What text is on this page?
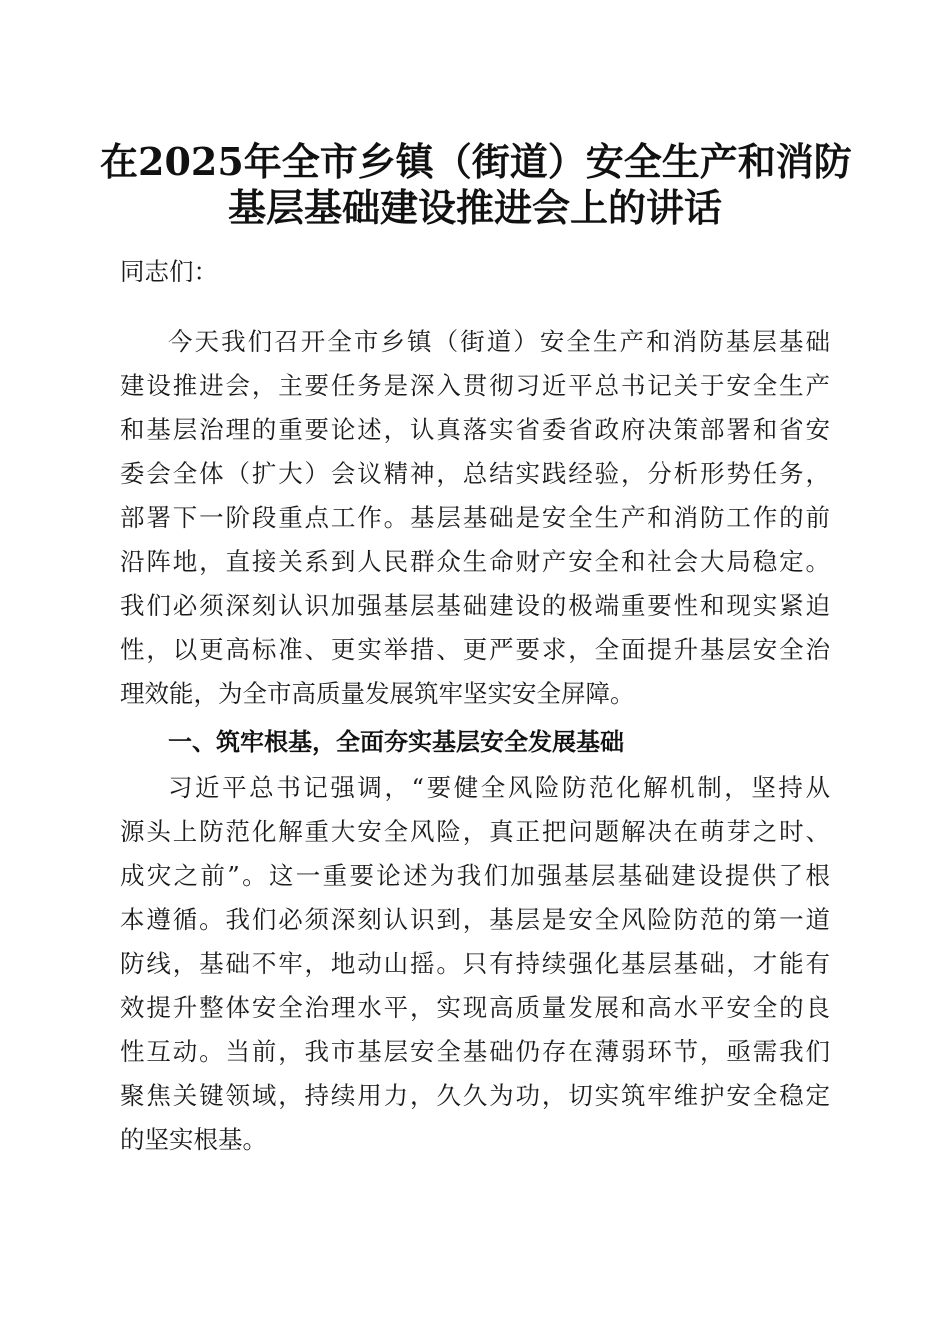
在2025年全市乡镇（街道）安全生产和消防
基层基础建设推进会上的讲话
同志们：
今天我们召开全市乡镇（街道）安全生产和消防基层基础
建设推进会，主要任务是深入贯彻习近平总书记关于安全生产
和基层治理的重要论述，认真落实省委省政府决策部署和省安
委会全体（扩大）会议精神，总结实践经验，分析形势任务，
部署下一阶段重点工作。基层基础是安全生产和消防工作的前
沿阵地，直接关系到人民群众生命财产安全和社会大局稳定。
我们必须深刻认识加强基层基础建设的极端重要性和现实紧迫
性，以更高标准、更实举措、更严要求，全面提升基层安全治
理效能，为全市高质量发展筑牢坚实安全屏障。
一、筑牢根基，全面夯实基层安全发展基础
习近平总书记强调，“要健全风险防范化解机制，坚持从
源头上防范化解重大安全风险，真正把问题解决在萌芽之时、
成灾之前”。这一重要论述为我们加强基层基础建设提供了根
本遵循。我们必须深刻认识到，基层是安全风险防范的第一道
防线，基础不牢，地动山摇。只有持续强化基层基础，才能有
效提升整体安全治理水平，实现高质量发展和高水平安全的良
性互动。当前，我市基层安全基础仍存在薄弱环节，亟需我们
聚焦关键领域，持续用力，久久为功，切实筑牢维护安全稳定
的坚实根基。
